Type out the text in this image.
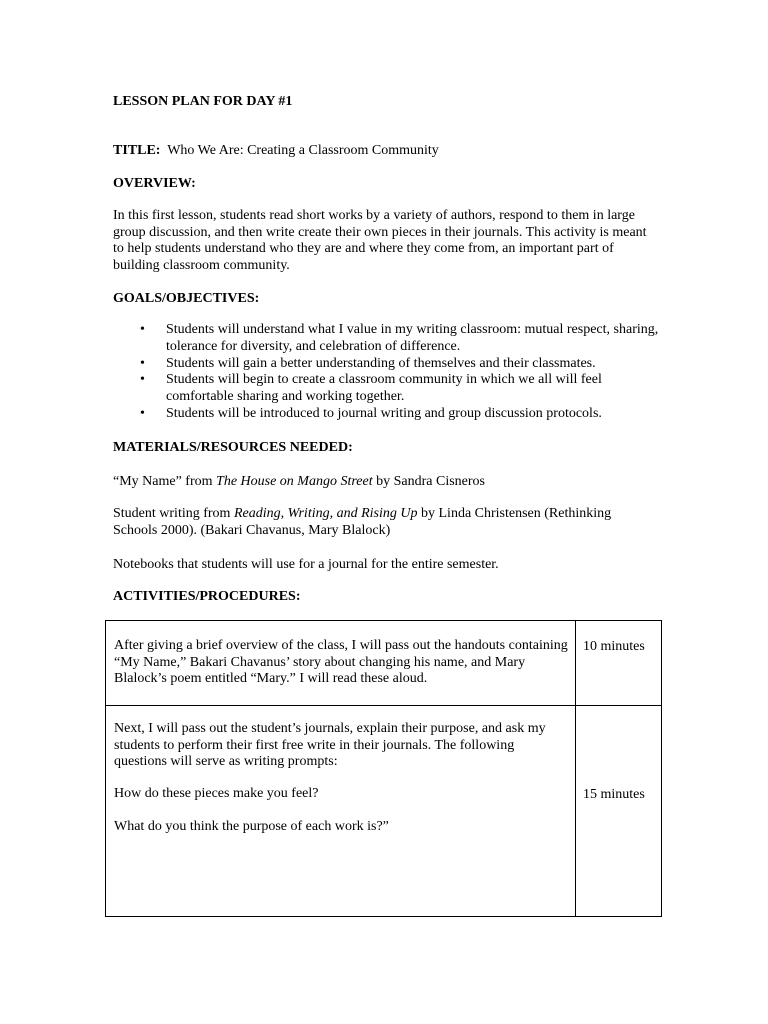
LESSON PLAN FOR DAY #1
TITLE: Who We Are: Creating a Classroom Community
OVERVIEW:
In this first lesson, students read short works by a variety of authors, respond to them in large group discussion, and then write create their own pieces in their journals. This activity is meant to help students understand who they are and where they come from, an important part of building classroom community.
GOALS/OBJECTIVES:
• Students will understand what I value in my writing classroom: mutual respect, sharing, tolerance for diversity, and celebration of difference.
• Students will gain a better understanding of themselves and their classmates.
• Students will begin to create a classroom community in which we all will feel comfortable sharing and working together.
• Students will be introduced to journal writing and group discussion protocols.
MATERIALS/RESOURCES NEEDED:
“My Name” from The House on Mango Street by Sandra Cisneros
Student writing from Reading, Writing, and Rising Up by Linda Christensen (Rethinking Schools 2000). (Bakari Chavanus, Mary Blalock)
Notebooks that students will use for a journal for the entire semester.
ACTIVITIES/PROCEDURES:
After giving a brief overview of the class, I will pass out the handouts containing “My Name,” Bakari Chavanus’ story about changing his name, and Mary Blalock’s poem entitled “Mary.” I will read these aloud.
10 minutes
Next, I will pass out the student’s journals, explain their purpose, and ask my students to perform their first free write in their journals. The following questions will serve as writing prompts:
How do these pieces make you feel?
What do you think the purpose of each work is?”
15 minutes
